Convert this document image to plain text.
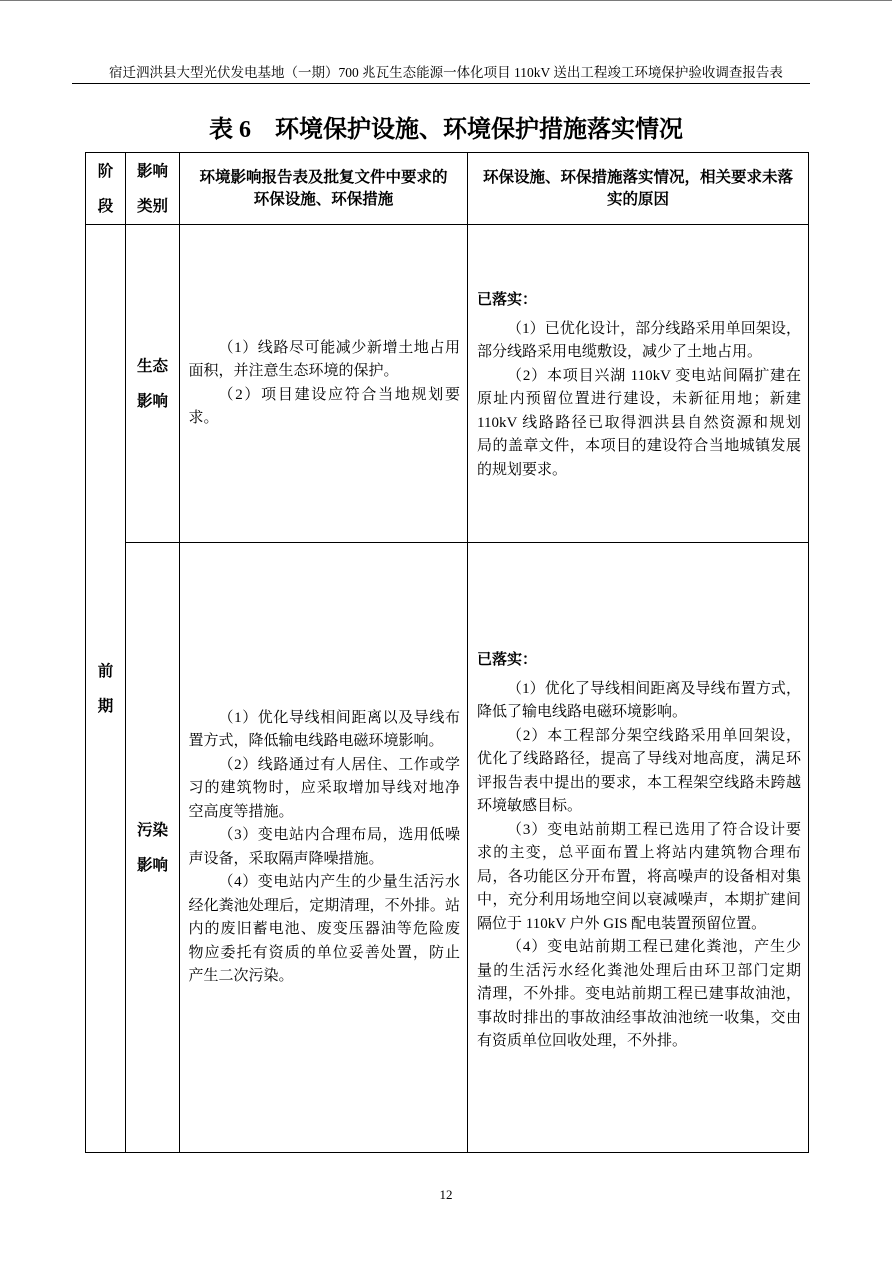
宿迁泗洪县大型光伏发电基地（一期）700 兆瓦生态能源一体化项目 110kV 送出工程竣工环境保护验收调查报告表
表 6　环境保护设施、环境保护措施落实情况
阶
段
影响
类别
环境影响报告表及批复文件中要求的
环保设施、环保措施
环保设施、环保措施落实情况，相关要求未落
实的原因
前
期
生态
影响
（1）线路尽可能减少新增土地占用
面积，并注意生态环境的保护。
（2）项目建设应符合当地规划要
求。
已落实：
（1）已优化设计，部分线路采用单回架设，
部分线路采用电缆敷设，减少了土地占用。
（2）本项目兴湖 110kV 变电站间隔扩建在
原址内预留位置进行建设，未新征用地；新建
110kV 线路路径已取得泗洪县自然资源和规划
局的盖章文件，本项目的建设符合当地城镇发展
的规划要求。
污染
影响
（1）优化导线相间距离以及导线布
置方式，降低输电线路电磁环境影响。
（2）线路通过有人居住、工作或学
习的建筑物时，应采取增加导线对地净
空高度等措施。
（3）变电站内合理布局，选用低噪
声设备，采取隔声降噪措施。
（4）变电站内产生的少量生活污水
经化粪池处理后，定期清理，不外排。站
内的废旧蓄电池、废变压器油等危险废
物应委托有资质的单位妥善处置，防止
产生二次污染。
已落实：
（1）优化了导线相间距离及导线布置方式，
降低了输电线路电磁环境影响。
（2）本工程部分架空线路采用单回架设，
优化了线路路径，提高了导线对地高度，满足环
评报告表中提出的要求，本工程架空线路未跨越
环境敏感目标。
（3）变电站前期工程已选用了符合设计要
求的主变，总平面布置上将站内建筑物合理布
局，各功能区分开布置，将高噪声的设备相对集
中，充分利用场地空间以衰减噪声，本期扩建间
隔位于 110kV 户外 GIS 配电装置预留位置。
（4）变电站前期工程已建化粪池，产生少
量的生活污水经化粪池处理后由环卫部门定期
清理，不外排。变电站前期工程已建事故油池，
事故时排出的事故油经事故油池统一收集，交由
有资质单位回收处理，不外排。
12
